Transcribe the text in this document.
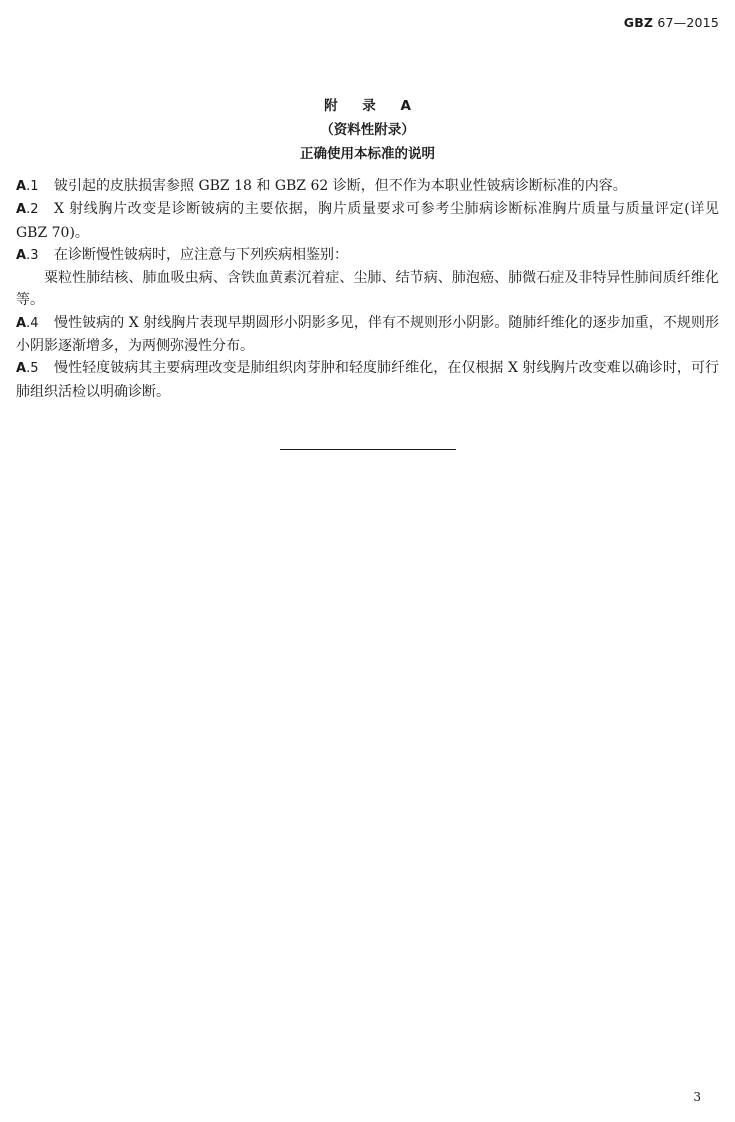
GBZ 67—2015
附 录 A
（资料性附录）
正确使用本标准的说明

A.1 铍引起的皮肤损害参照 GBZ 18 和 GBZ 62 诊断，但不作为本职业性铍病诊断标准的内容。

A.2 X 射线胸片改变是诊断铍病的主要依据，胸片质量要求可参考尘肺病诊断标准胸片质量与质量评定(详见 GBZ 70)。

A.3 在诊断慢性铍病时，应注意与下列疾病相鉴别：

粟粒性肺结核、肺血吸虫病、含铁血黄素沉着症、尘肺、结节病、肺泡癌、肺微石症及非特异性肺间质纤维化等。

A.4 慢性铍病的 X 射线胸片表现早期圆形小阴影多见，伴有不规则形小阴影。随肺纤维化的逐步加重，不规则形小阴影逐渐增多，为两侧弥漫性分布。

A.5 慢性轻度铍病其主要病理改变是肺组织肉芽肿和轻度肺纤维化，在仅根据 X 射线胸片改变难以确诊时，可行肺组织活检以明确诊断。

3
